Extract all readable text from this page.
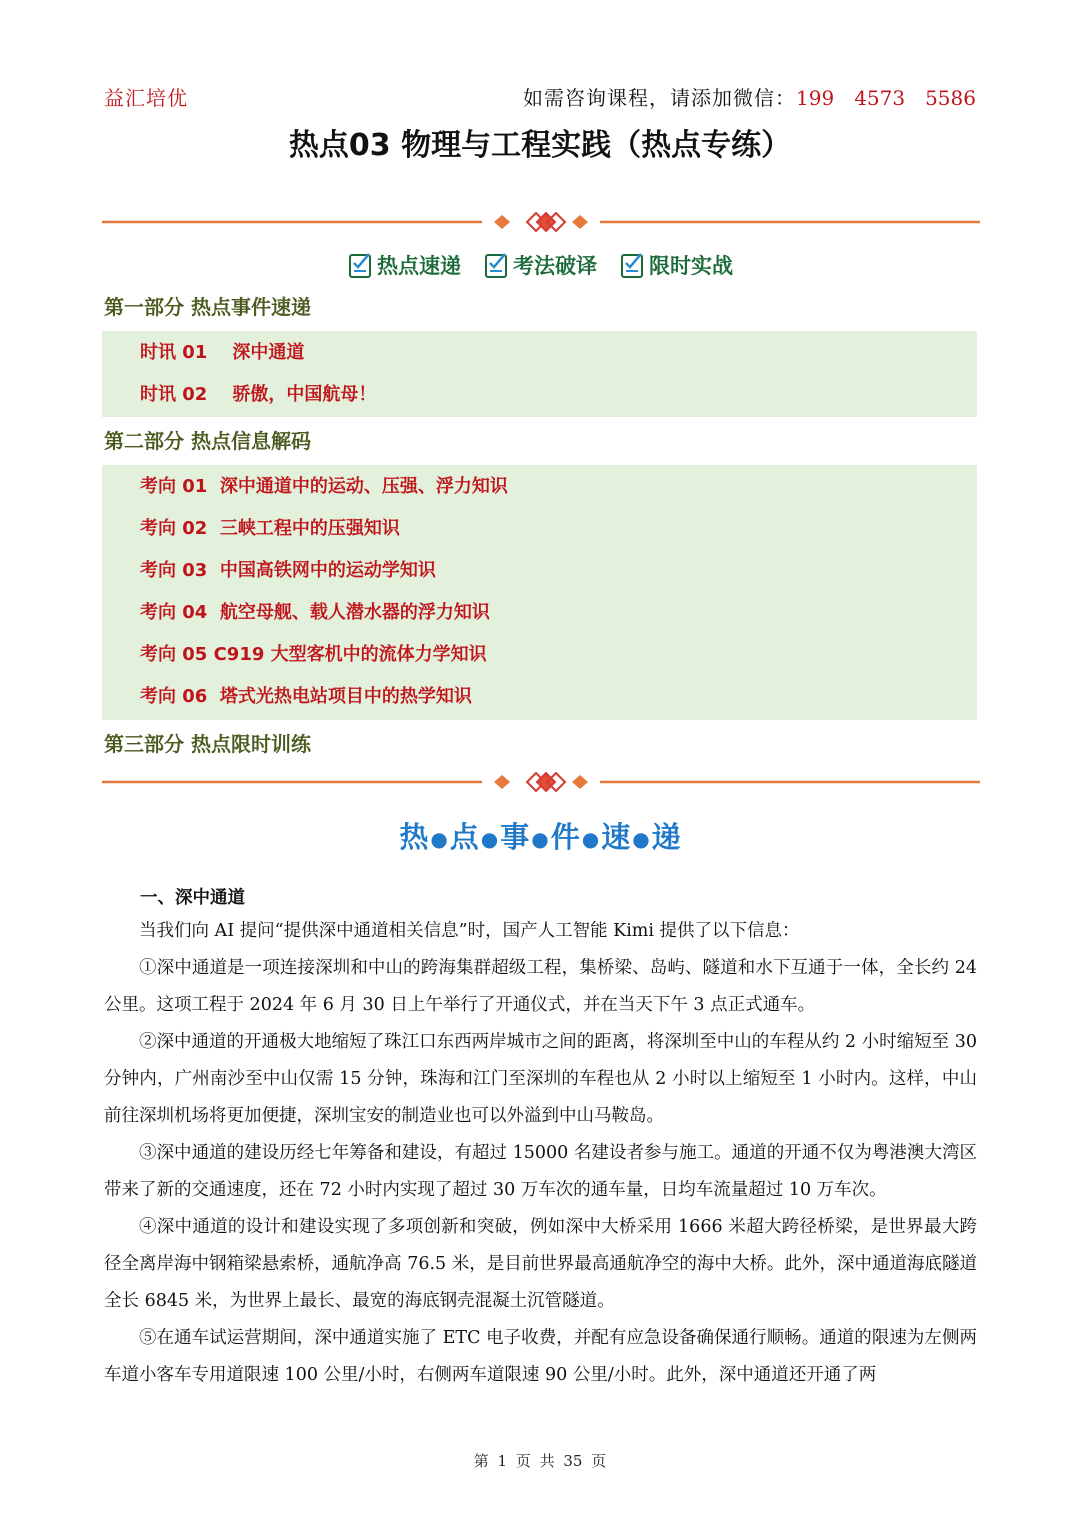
益汇培优	如需咨询课程，请添加微信：199　4573　5586
热点03 物理与工程实践（热点专练）
热点速递 考法破译 限时实战
第一部分 热点事件速递
时讯 01    深中通道
时讯 02    骄傲，中国航母！
第二部分 热点信息解码
考向 01  深中通道中的运动、压强、浮力知识
考向 02  三峡工程中的压强知识
考向 03  中国高铁网中的运动学知识
考向 04  航空母舰、载人潜水器的浮力知识
考向 05 C919 大型客机中的流体力学知识
考向 06  塔式光热电站项目中的热学知识
第三部分 热点限时训练
热 ●点 ●事 ●件 ●速 ●递
一、深中通道

当我们向 AI 提问“提供深中通道相关信息”时，国产人工智能 Kimi 提供了以下信息：

①深中通道是一项连接深圳和中山的跨海集群超级工程，集桥梁、岛屿、隧道和水下互通于一体，全长约 24 公里。这项工程于 2024 年 6 月 30 日上午举行了开通仪式，并在当天下午 3 点正式通车。

②深中通道的开通极大地缩短了珠江口东西两岸城市之间的距离，将深圳至中山的车程从约 2 小时缩短至 30 分钟内，广州南沙至中山仅需 15 分钟，珠海和江门至深圳的车程也从 2 小时以上缩短至 1 小时内。这样，中山前往深圳机场将更加便捷，深圳宝安的制造业也可以外溢到中山马鞍岛。

③深中通道的建设历经七年筹备和建设，有超过 15000 名建设者参与施工。通道的开通不仅为粤港澳大湾区带来了新的交通速度，还在 72 小时内实现了超过 30 万车次的通车量，日均车流量超过 10 万车次。

④深中通道的设计和建设实现了多项创新和突破，例如深中大桥采用 1666 米超大跨径桥梁，是世界最大跨径全离岸海中钢箱梁悬索桥，通航净高 76.5 米，是目前世界最高通航净空的海中大桥。此外，深中通道海底隧道全长 6845 米，为世界上最长、最宽的海底钢壳混凝土沉管隧道。

⑤在通车试运营期间，深中通道实施了 ETC 电子收费，并配有应急设备确保通行顺畅。通道的限速为左侧两车道小客车专用道限速 100 公里/小时，右侧两车道限速 90 公里/小时。此外，深中通道还开通了两

第 1 页 共 35 页
